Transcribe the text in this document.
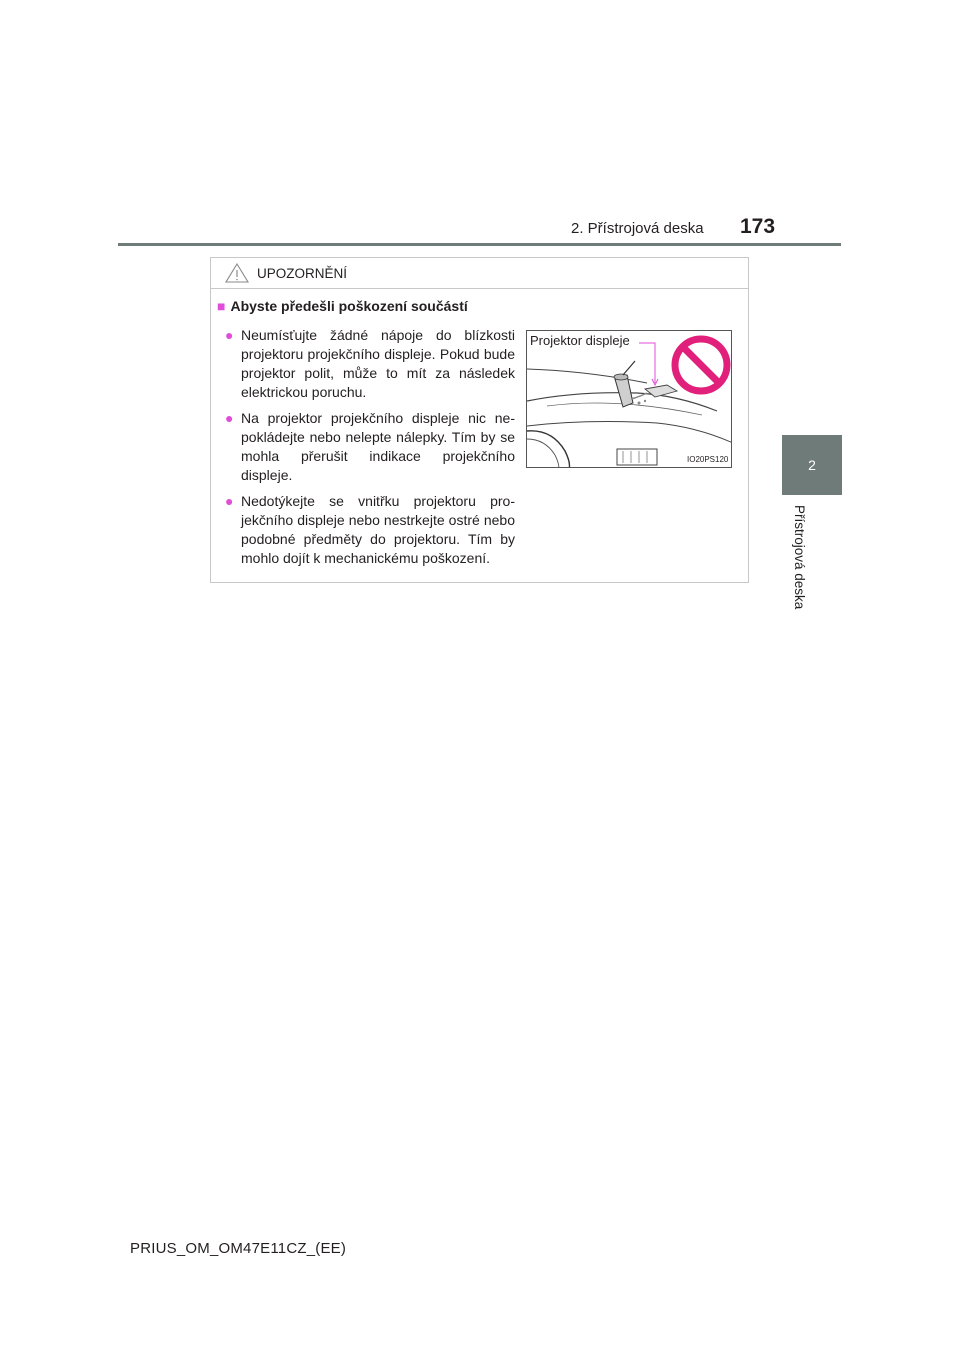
2. Přístrojová deska 173
2
Přístrojová deska
UPOZORNĚNÍ
■ Abyste předešli poškození součástí
● Neumísťujte žádné nápoje do blízkosti projektoru projekčního displeje. Pokud bude projektor polit, může to mít za následek elektrickou poruchu.
● Na projektor projekčního displeje nic nepokládejte nebo nelepte nálepky. Tím by se mohla přerušit indikace projekčního displeje.
● Nedotýkejte se vnitřku projektoru projekčního displeje nebo nestrkejte ostré nebo podobné předměty do projektoru. Tím by mohlo dojít k mechanickému poškození.
Projektor displeje
IO20PS120
PRIUS_OM_OM47E11CZ_(EE)
